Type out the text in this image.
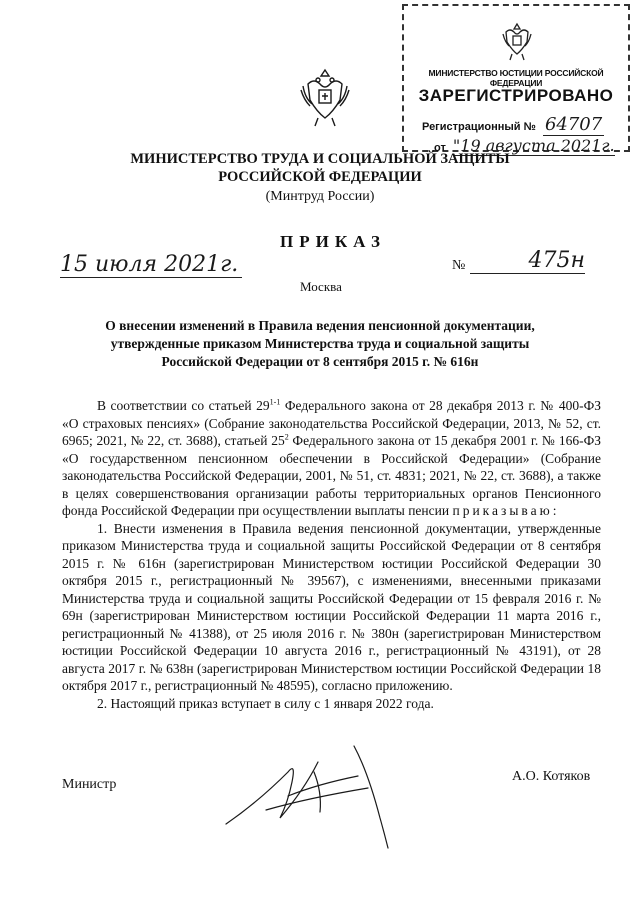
МИНИСТЕРСТВО ЮСТИЦИИ РОССИЙСКОЙ ФЕДЕРАЦИИ
ЗАРЕГИСТРИРОВАНО
Регистрационный № 64707
от "19 августа 2021г.
МИНИСТЕРСТВО ТРУДА И СОЦИАЛЬНОЙ ЗАЩИТЫ
РОССИЙСКОЙ ФЕДЕРАЦИИ
(Минтруд России)
ПРИКАЗ
15 июля 2021г.	№	475н
Москва
О внесении изменений в Правила ведения пенсионной документации,
утвержденные приказом Министерства труда и социальной защиты
Российской Федерации от 8 сентября 2015 г. № 616н

В соответствии со статьей 29$^{1-1}$ Федерального закона от 28 декабря 2013 г. № 400-ФЗ «О страховых пенсиях» (Собрание законодательства Российской Федерации, 2013, № 52, ст. 6965; 2021, № 22, ст. 3688), статьей $25^2$ Федерального закона от 15 декабря 2001 г. № 166-ФЗ «О государственном пенсионном обеспечении в Российской Федерации» (Собрание законодательства Российской Федерации, 2001, № 51, ст. 4831; 2021, № 22, ст. 3688), а также в целях совершенствования организации работы территориальных органов Пенсионного фонда Российской Федерации при осуществлении выплаты пенсии приказываю:

1. Внести изменения в Правила ведения пенсионной документации, утвержденные приказом Министерства труда и социальной защиты Российской Федерации от 8 сентября 2015 г. № 616н (зарегистрирован Министерством юстиции Российской Федерации 30 октября 2015 г., регистрационный № 39567), с изменениями, внесенными приказами Министерства труда и социальной защиты Российской Федерации от 15 февраля 2016 г. № 69н (зарегистрирован Министерством юстиции Российской Федерации 11 марта 2016 г., регистрационный № 41388), от 25 июля 2016 г. № 380н (зарегистрирован Министерством юстиции Российской Федерации 10 августа 2016 г., регистрационный № 43191), от 28 августа 2017 г. № 638н (зарегистрирован Министерством юстиции Российской Федерации 18 октября 2017 г., регистрационный № 48595), согласно приложению.

2. Настоящий приказ вступает в силу с 1 января 2022 года.

Министр
А.О. Котяков
